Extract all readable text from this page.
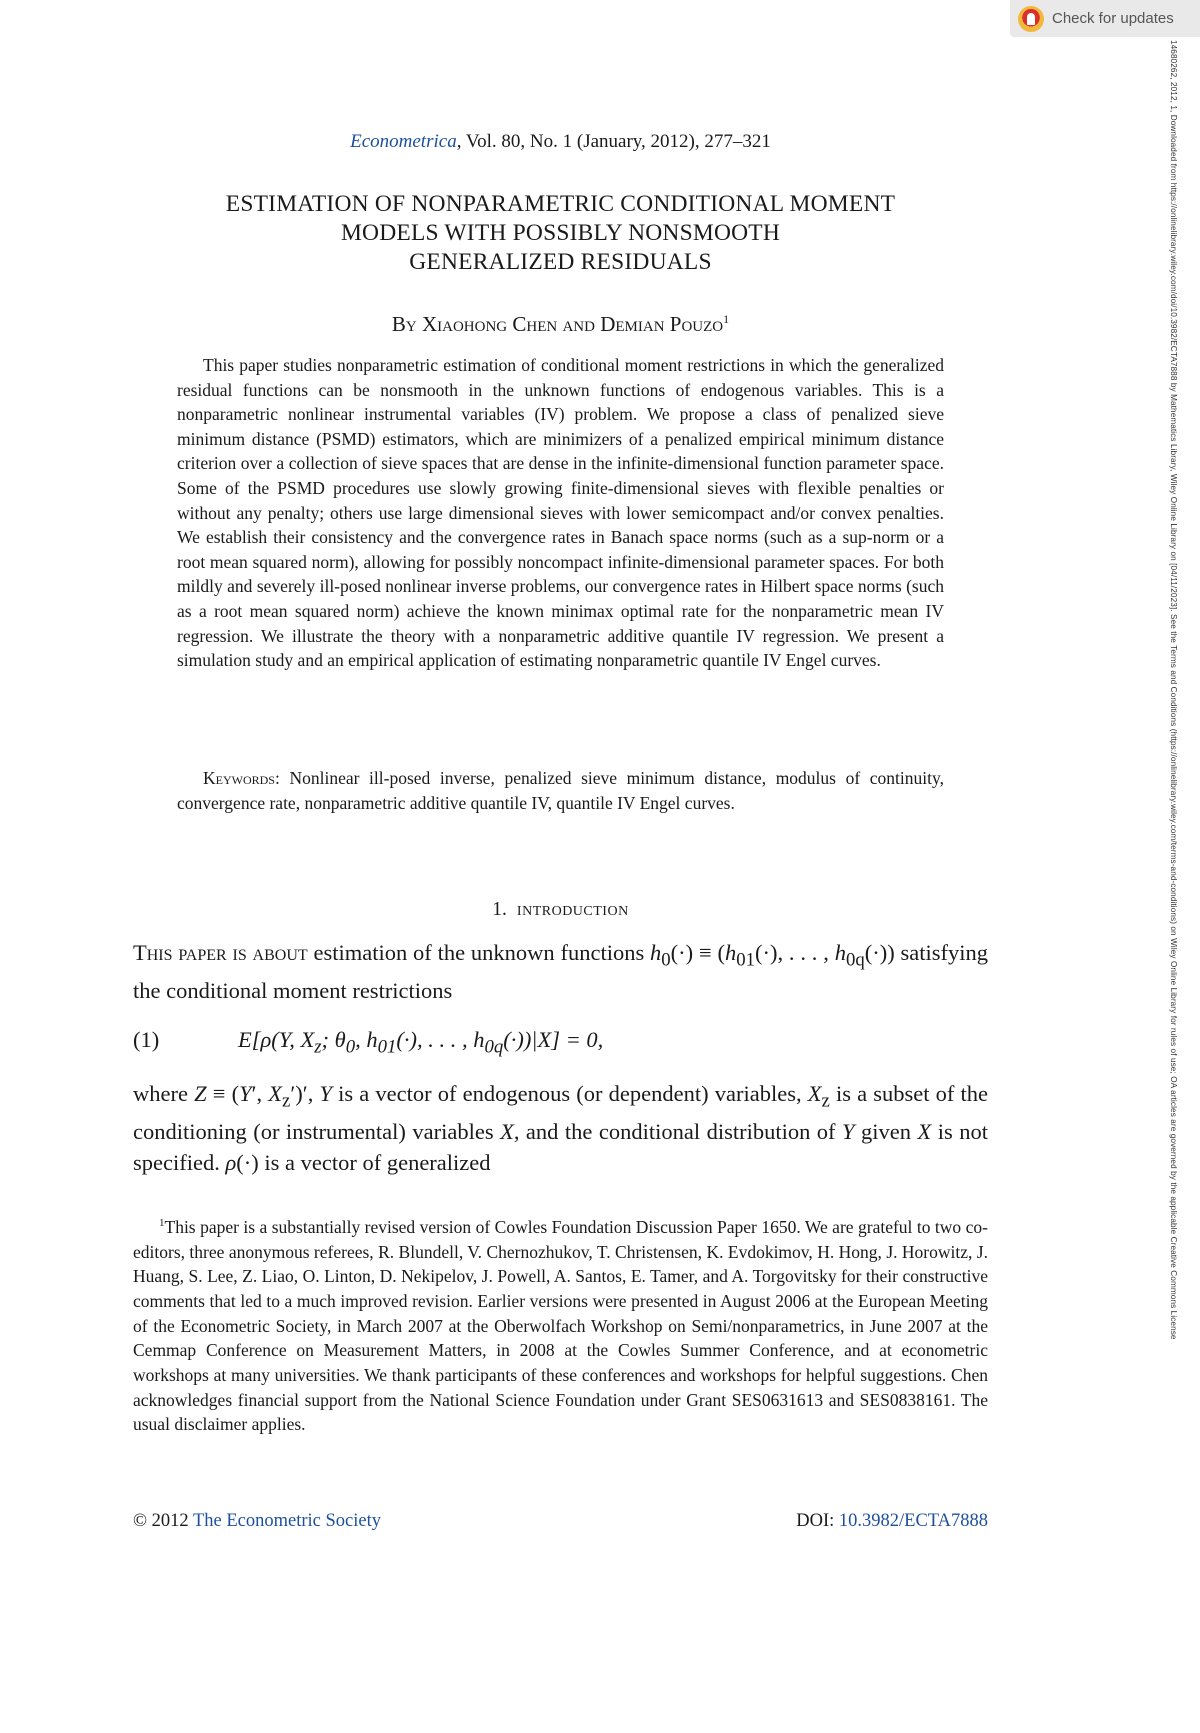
Check for updates
14680262, 2012, 1, Downloaded from https://onlinelibrary.wiley.com/doi/10.3982/ECTA7888 by Mathematics Library, Wiley Online Library on [04/11/2023]. See the Terms and Conditions (https://onlinelibrary.wiley.com/terms-and-conditions) on Wiley Online Library for rules of use; OA articles are governed by the applicable Creative Commons License
Econometrica, Vol. 80, No. 1 (January, 2012), 277–321
ESTIMATION OF NONPARAMETRIC CONDITIONAL MOMENT
MODELS WITH POSSIBLY NONSMOOTH
GENERALIZED RESIDUALS
By Xiaohong Chen and Demian Pouzo$^1$
This paper studies nonparametric estimation of conditional moment restrictions in which the generalized residual functions can be nonsmooth in the unknown functions of endogenous variables. This is a nonparametric nonlinear instrumental variables (IV) problem. We propose a class of penalized sieve minimum distance (PSMD) estimators, which are minimizers of a penalized empirical minimum distance criterion over a collection of sieve spaces that are dense in the infinite-dimensional function parameter space. Some of the PSMD procedures use slowly growing finite-dimensional sieves with flexible penalties or without any penalty; others use large dimensional sieves with lower semicompact and/or convex penalties. We establish their consistency and the convergence rates in Banach space norms (such as a sup-norm or a root mean squared norm), allowing for possibly noncompact infinite-dimensional parameter spaces. For both mildly and severely ill-posed nonlinear inverse problems, our convergence rates in Hilbert space norms (such as a root mean squared norm) achieve the known minimax optimal rate for the nonparametric mean IV regression. We illustrate the theory with a nonparametric additive quantile IV regression. We present a simulation study and an empirical application of estimating nonparametric quantile IV Engel curves.
Keywords: Nonlinear ill-posed inverse, penalized sieve minimum distance, modulus of continuity, convergence rate, nonparametric additive quantile IV, quantile IV Engel curves.
1. introduction
This paper is about estimation of the unknown functions $h_0(\cdot) \equiv (h_{01}(\cdot)$, . . . , $h_{0q}(\cdot)$) satisfying the conditional moment restrictions
(1)	E[ρ(Y, $X_z$; $\theta_0$, $h_{01}(\cdot)$, . . . , $h_{0q}(\cdot))|X] = 0$,
where Z ≡ (Y′, $X_z')'$, Y is a vector of endogenous (or dependent) variables, $X_z$ is a subset of the conditioning (or instrumental) variables X, and the conditional distribution of Y given X is not specified. ρ(·) is a vector of generalized
$^1$This paper is a substantially revised version of Cowles Foundation Discussion Paper 1650. We are grateful to two co-editors, three anonymous referees, R. Blundell, V. Chernozhukov, T. Christensen, K. Evdokimov, H. Hong, J. Horowitz, J. Huang, S. Lee, Z. Liao, O. Linton, D. Nekipelov, J. Powell, A. Santos, E. Tamer, and A. Torgovitsky for their constructive comments that led to a much improved revision. Earlier versions were presented in August 2006 at the European Meeting of the Econometric Society, in March 2007 at the Oberwolfach Workshop on Semi/nonparametrics, in June 2007 at the Cemmap Conference on Measurement Matters, in 2008 at the Cowles Summer Conference, and at econometric workshops at many universities. We thank participants of these conferences and workshops for helpful suggestions. Chen acknowledges financial support from the National Science Foundation under Grant SES0631613 and SES0838161. The usual disclaimer applies.
© 2012 The Econometric Society	DOI: 10.3982/ECTA7888
